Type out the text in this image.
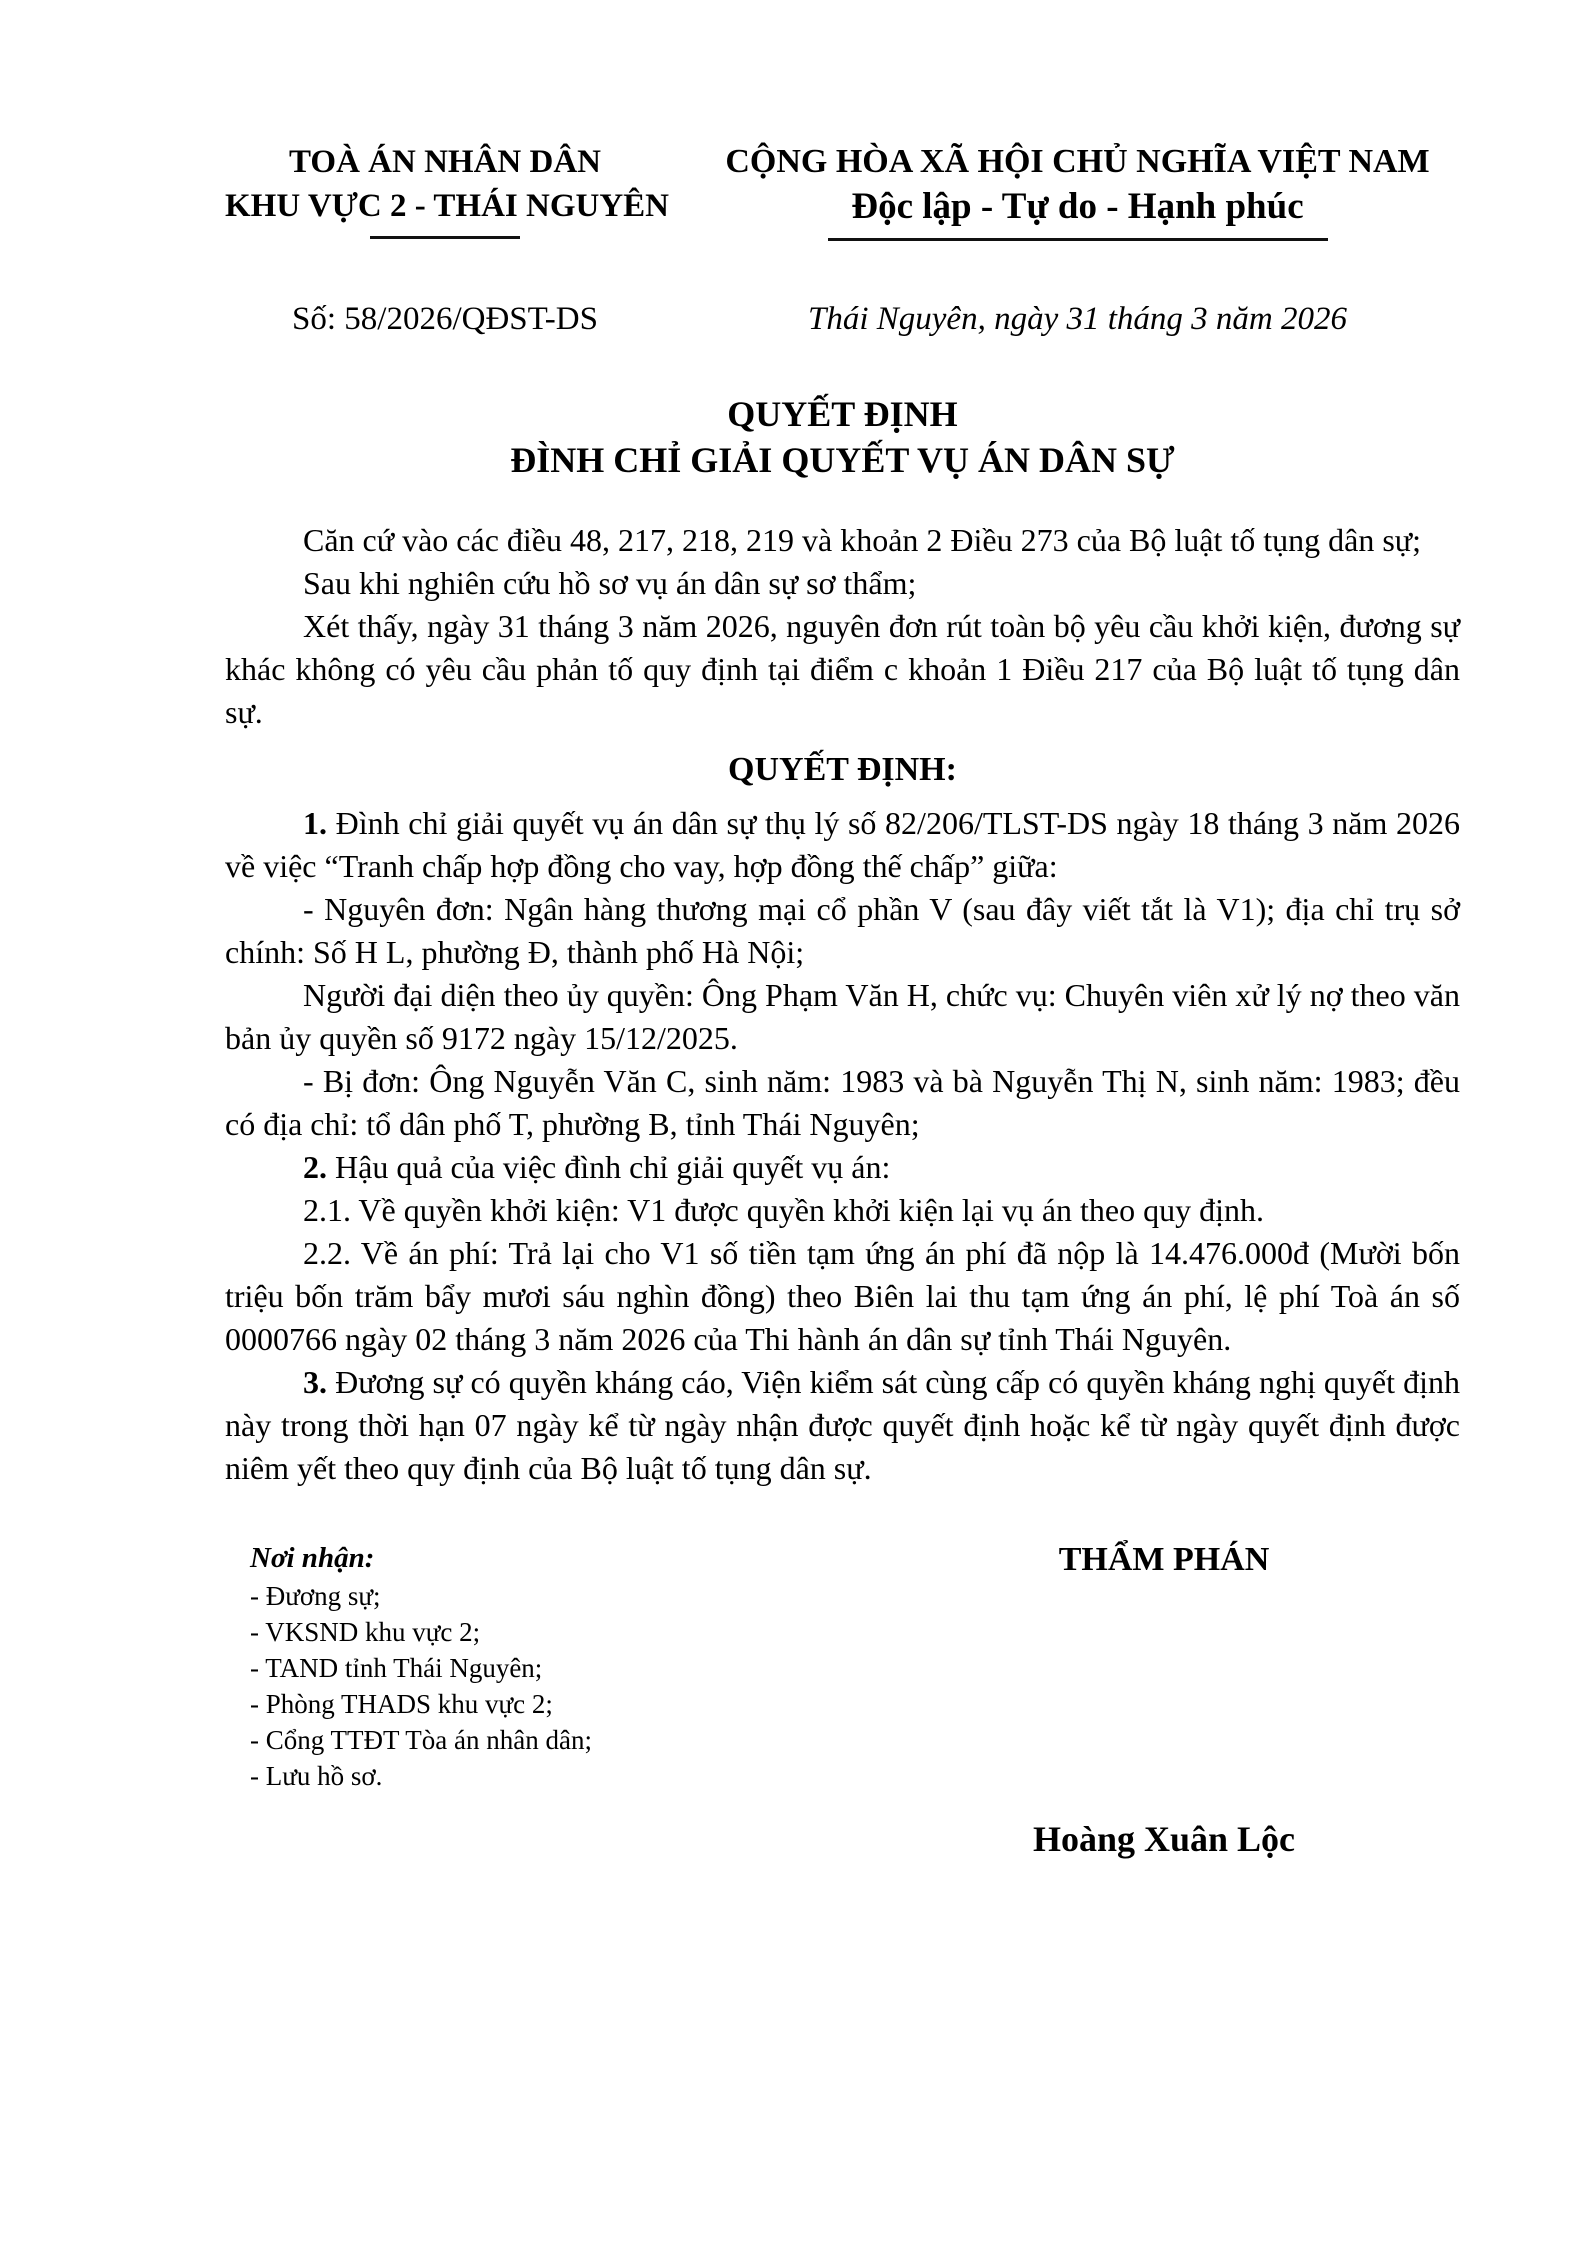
TOÀ ÁN NHÂN DÂN
KHU VỰC 2 - THÁI NGUYÊN
CỘNG HÒA XÃ HỘI CHỦ NGHĨA VIỆT NAM
Độc lập - Tự do - Hạnh phúc
Số: 58/2026/QĐST-DS	Thái Nguyên, ngày 31 tháng 3 năm 2026
QUYẾT ĐỊNH
ĐÌNH CHỈ GIẢI QUYẾT VỤ ÁN DÂN SỰ

Căn cứ vào các điều 48, 217, 218, 219 và khoản 2 Điều 273 của Bộ luật tố tụng dân sự;

Sau khi nghiên cứu hồ sơ vụ án dân sự sơ thẩm;

Xét thấy, ngày 31 tháng 3 năm 2026, nguyên đơn rút toàn bộ yêu cầu khởi kiện, đương sự khác không có yêu cầu phản tố quy định tại điểm c khoản 1 Điều 217 của Bộ luật tố tụng dân sự.

QUYẾT ĐỊNH:

1. Đình chỉ giải quyết vụ án dân sự thụ lý số 82/206/TLST-DS ngày 18 tháng 3 năm 2026 về việc “Tranh chấp hợp đồng cho vay, hợp đồng thế chấp” giữa:

- Nguyên đơn: Ngân hàng thương mại cổ phần V (sau đây viết tắt là V1); địa chỉ trụ sở chính: Số H L, phường Đ, thành phố Hà Nội;

Người đại diện theo ủy quyền: Ông Phạm Văn H, chức vụ: Chuyên viên xử lý nợ theo văn bản ủy quyền số 9172 ngày 15/12/2025.

- Bị đơn: Ông Nguyễn Văn C, sinh năm: 1983 và bà Nguyễn Thị N, sinh năm: 1983; đều có địa chỉ: tổ dân phố T, phường B, tỉnh Thái Nguyên;

2. Hậu quả của việc đình chỉ giải quyết vụ án:

2.1. Về quyền khởi kiện: V1 được quyền khởi kiện lại vụ án theo quy định.

2.2. Về án phí: Trả lại cho V1 số tiền tạm ứng án phí đã nộp là 14.476.000đ (Mười bốn triệu bốn trăm bẩy mươi sáu nghìn đồng) theo Biên lai thu tạm ứng án phí, lệ phí Toà án số 0000766 ngày 02 tháng 3 năm 2026 của Thi hành án dân sự tỉnh Thái Nguyên.

3. Đương sự có quyền kháng cáo, Viện kiểm sát cùng cấp có quyền kháng nghị quyết định này trong thời hạn 07 ngày kể từ ngày nhận được quyết định hoặc kể từ ngày quyết định được niêm yết theo quy định của Bộ luật tố tụng dân sự.

Nơi nhận:
- Đương sự;
- VKSND khu vực 2;
- TAND tỉnh Thái Nguyên;
- Phòng THADS khu vực 2;
- Cổng TTĐT Tòa án nhân dân;
- Lưu hồ sơ.
THẨM PHÁN
Hoàng Xuân Lộc
